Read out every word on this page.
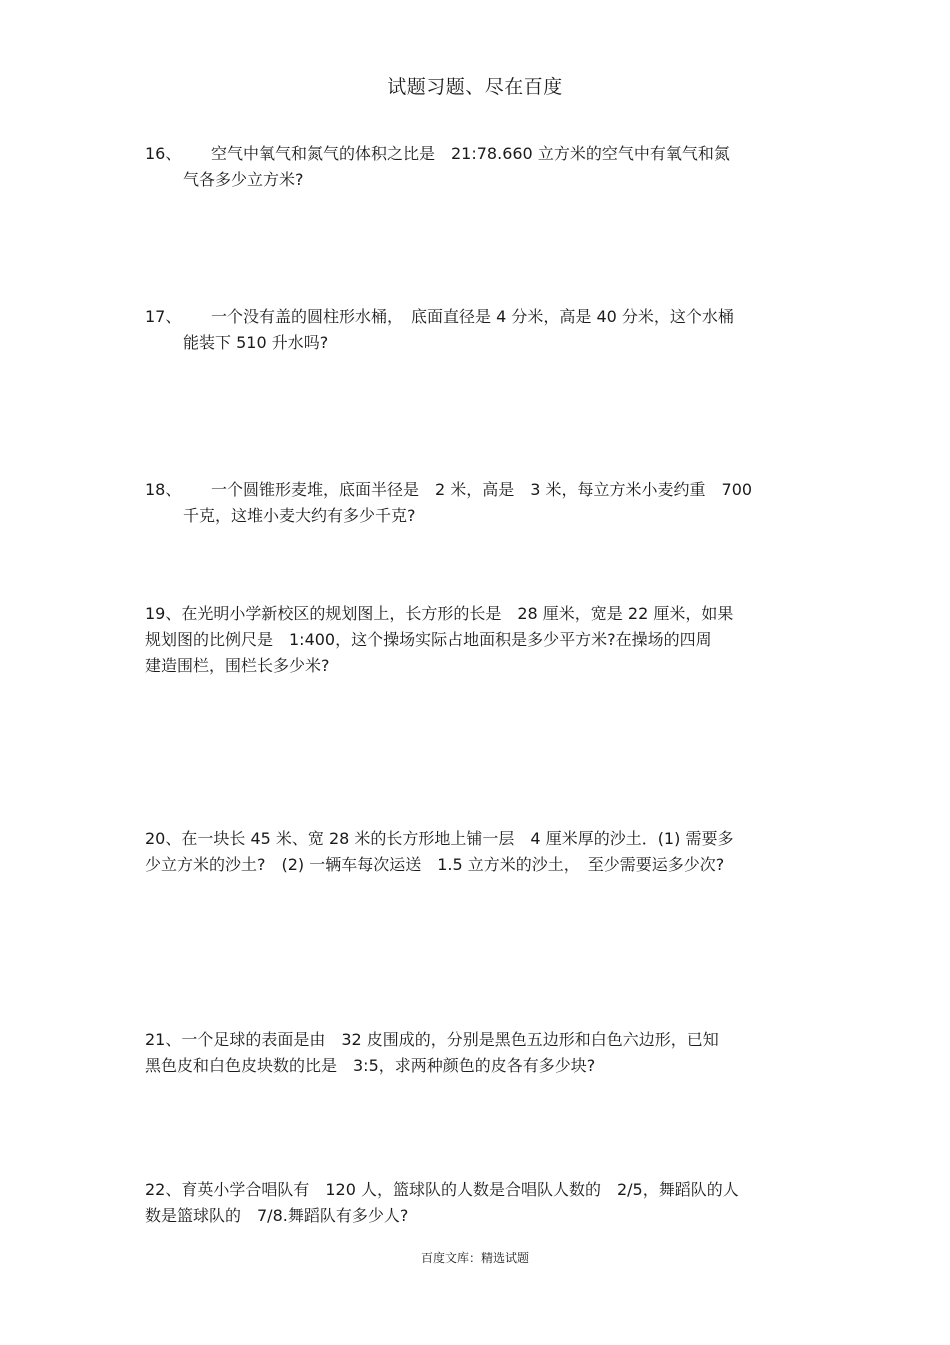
试题习题、尽在百度
16、 空气中氧气和氮气的体积之比是　21:78.660 立方米的空气中有氧气和氮
气各多少立方米?
17、 一个没有盖的圆柱形水桶，　底面直径是 4 分米，高是 40 分米，这个水桶
能装下 510 升水吗?
18、 一个圆锥形麦堆，底面半径是　2 米，高是　3 米，每立方米小麦约重　700
千克，这堆小麦大约有多少千克?
19、在光明小学新校区的规划图上，长方形的长是　28 厘米，宽是 22 厘米，如果
规划图的比例尺是　1:400，这个操场实际占地面积是多少平方米?在操场的四周
建造围栏，围栏长多少米?
20、在一块长 45 米、宽 28 米的长方形地上铺一层　4 厘米厚的沙土．(1) 需要多
少立方米的沙土?　(2) 一辆车每次运送　1.5 立方米的沙土，　至少需要运多少次?
21、一个足球的表面是由　32 皮围成的，分别是黑色五边形和白色六边形，已知
黑色皮和白色皮块数的比是　3:5，求两种颜色的皮各有多少块?
22、育英小学合唱队有　120 人，篮球队的人数是合唱队人数的　2/5，舞蹈队的人
数是篮球队的　7/8.舞蹈队有多少人?
百度文库：精选试题
